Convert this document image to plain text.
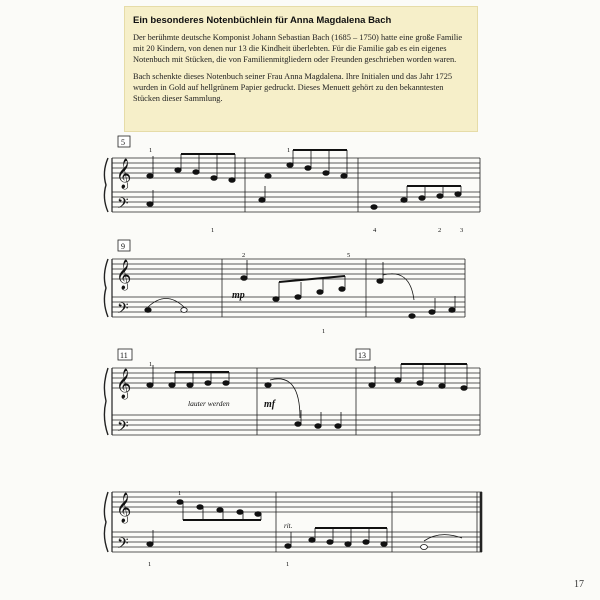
Ein besonderes Notenbüchlein für Anna Magdalena Bach

Der berühmte deutsche Komponist Johann Sebastian Bach (1685 – 1750) hatte eine große Familie mit 20 Kindern, von denen nur 13 die Kindheit überlebten. Für die Familie gab es ein eigenes Notenbuch mit Stücken, die von Familienmitgliedern oder Freunden geschrieben worden waren.

Bach schenkte dieses Notenbuch seiner Frau Anna Magdalena. Ihre Initialen und das Jahr 1725 wurden in Gold auf hellgrünem Papier gedruckt. Dieses Menuett gehört zu den bekanntesten Stücken dieser Sammlung.

𝄞
𝄢
𝄞
𝄢
𝄞
𝄢
𝄞
𝄢
5
9
11	13
1	1
1	4	2	3
2	5
1
1
1
1	1
mp
mf
lauter werden
rit.
17
